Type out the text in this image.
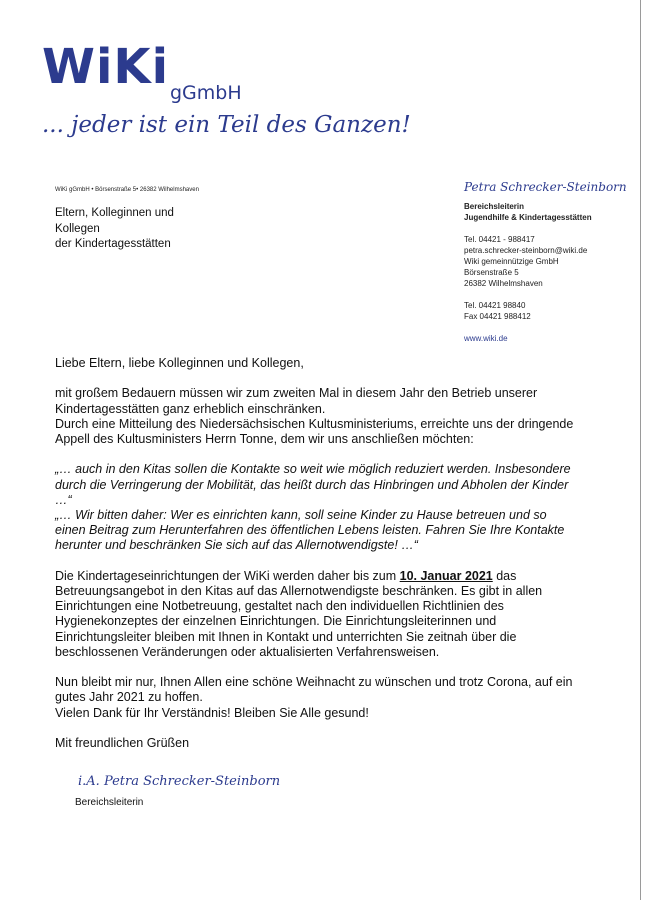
WiKi gGmbH
... jeder ist ein Teil des Ganzen!
WiKi gGmbH • Börsenstraße 5• 26382 Wilhelmshaven
Eltern, Kolleginnen und
Kollegen
der Kindertagesstätten
Petra Schrecker-Steinborn
Bereichsleiterin
Jugendhilfe & Kindertagesstätten
Tel. 04421 - 988417
petra.schrecker-steinborn@wiki.de
Wiki gemeinnützige GmbH
Börsenstraße 5
26382 Wilhelmshaven
Tel. 04421 98840
Fax 04421 988412
www.wiki.de

Liebe Eltern, liebe Kolleginnen und Kollegen,

mit großem Bedauern müssen wir zum zweiten Mal in diesem Jahr den Betrieb unserer Kindertagesstätten ganz erheblich einschränken.
Durch eine Mitteilung des Niedersächsischen Kultusministeriums, erreichte uns der dringende Appell des Kultusministers Herrn Tonne, dem wir uns anschließen möchten:

„… auch in den Kitas sollen die Kontakte so weit wie möglich reduziert werden. Insbesondere durch die Verringerung der Mobilität, das heißt durch das Hinbringen und Abholen der Kinder …“
„… Wir bitten daher: Wer es einrichten kann, soll seine Kinder zu Hause betreuen und so einen Beitrag zum Herunterfahren des öffentlichen Lebens leisten. Fahren Sie Ihre Kontakte herunter und beschränken Sie sich auf das Allernotwendigste! …“

Die Kindertageseinrichtungen der WiKi werden daher bis zum 10. Januar 2021 das Betreuungsangebot in den Kitas auf das Allernotwendigste beschränken. Es gibt in allen Einrichtungen eine Notbetreuung, gestaltet nach den individuellen Richtlinien des Hygienekonzeptes der einzelnen Einrichtungen. Die Einrichtungsleiterinnen und Einrichtungsleiter bleiben mit Ihnen in Kontakt und unterrichten Sie zeitnah über die beschlossenen Veränderungen oder aktualisierten Verfahrensweisen.

Nun bleibt mir nur, Ihnen Allen eine schöne Weihnacht zu wünschen und trotz Corona, auf ein gutes Jahr 2021 zu hoffen.
Vielen Dank für Ihr Verständnis! Bleiben Sie Alle gesund!

Mit freundlichen Grüßen

i.A. Petra Schrecker-Steinborn
Bereichsleiterin
